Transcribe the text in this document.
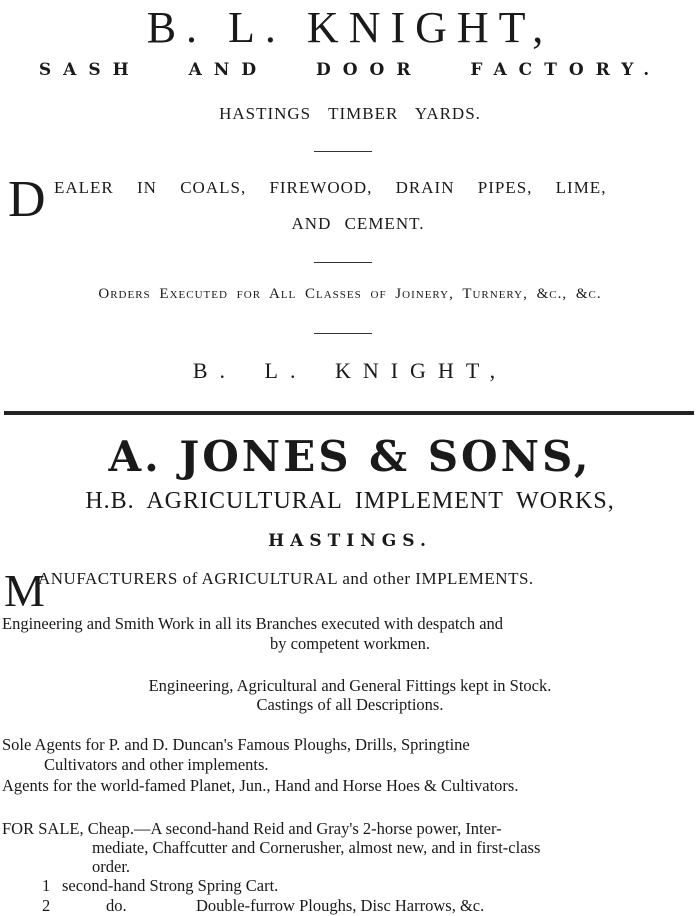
B. L. KNIGHT,
SASH AND DOOR FACTORY.
HASTINGS TIMBER YARDS.
D EALER IN COALS, FIREWOOD, DRAIN PIPES, LIME,
AND CEMENT.
Orders Executed for All Classes of Joinery, Turnery, &c., &c.
B. L. KNIGHT,
A. JONES & SONS,
H.B. AGRICULTURAL IMPLEMENT WORKS,
HASTINGS.
M
ANUFACTURERS of AGRICULTURAL and other IMPLEMENTS.
Engineering and Smith Work in all its Branches executed with despatch and
by competent workmen.
Engineering, Agricultural and General Fittings kept in Stock.
Castings of all Descriptions.
Sole Agents for P. and D. Duncan's Famous Ploughs, Drills, Springtine
Cultivators and other implements.
Agents for the world-famed Planet, Jun., Hand and Horse Hoes & Cultivators.
FOR SALE, Cheap.—A second-hand Reid and Gray's 2-horse power, Inter-
mediate, Chaffcutter and Cornerusher, almost new, and in first-class
order.
1 second-hand Strong Spring Cart.
2	do.	Double-furrow Ploughs, Disc Harrows, &c.
